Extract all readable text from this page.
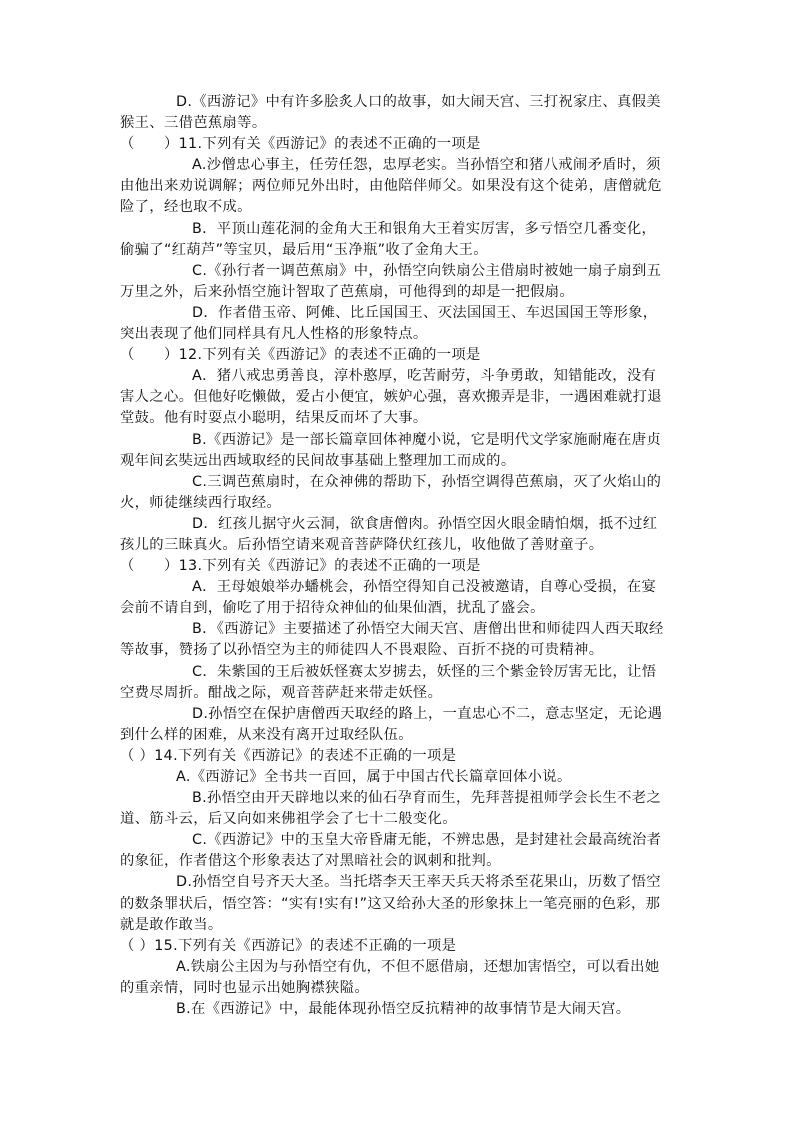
D.《西游记》中有许多脍炙人口的故事，如大闹天宫、三打祝家庄、真假美猴王、三借芭蕉扇等。

（　　）11.下列有关《西游记》的表述不正确的一项是

A.沙僧忠心事主，任劳任怨，忠厚老实。当孙悟空和猪八戒闹矛盾时，须由他出来劝说调解；两位师兄外出时，由他陪伴师父。如果没有这个徒弟，唐僧就危险了，经也取不成。

B．平顶山莲花洞的金角大王和银角大王着实厉害，多亏悟空几番变化，偷骗了“红葫芦”等宝贝，最后用“玉净瓶”收了金角大王。

C.《孙行者一调芭蕉扇》中，孙悟空向铁扇公主借扇时被她一扇子扇到五万里之外，后来孙悟空施计智取了芭蕉扇，可他得到的却是一把假扇。

D．作者借玉帝、阿傩、比丘国国王、灭法国国王、车迟国国王等形象，突出表现了他们同样具有凡人性格的形象特点。

（　　）12.下列有关《西游记》的表述不正确的一项是

A．猪八戒忠勇善良，淳朴憨厚，吃苦耐劳，斗争勇敢，知错能改，没有害人之心。但他好吃懒做，爱占小便宜，嫉妒心强，喜欢搬弄是非，一遇困难就打退堂鼓。他有时耍点小聪明，结果反而坏了大事。

B.《西游记》是一部长篇章回体神魔小说，它是明代文学家施耐庵在唐贞观年间玄奘远出西域取经的民间故事基础上整理加工而成的。

C.三调芭蕉扇时，在众神佛的帮助下，孙悟空调得芭蕉扇，灭了火焰山的火，师徒继续西行取经。

D．红孩儿据守火云洞，欲食唐僧肉。孙悟空因火眼金睛怕烟，抵不过红孩儿的三昧真火。后孙悟空请来观音菩萨降伏红孩儿，收他做了善财童子。

（　　）13.下列有关《西游记》的表述不正确的一项是

A．王母娘娘举办蟠桃会，孙悟空得知自己没被邀请，自尊心受损，在宴会前不请自到，偷吃了用于招待众神仙的仙果仙酒，扰乱了盛会。

B．《西游记》主要描述了孙悟空大闹天宫、唐僧出世和师徒四人西天取经等故事，赞扬了以孙悟空为主的师徒四人不畏艰险、百折不挠的可贵精神。

C．朱紫国的王后被妖怪赛太岁掳去，妖怪的三个紫金铃厉害无比，让悟空费尽周折。酣战之际，观音菩萨赶来带走妖怪。

D.孙悟空在保护唐僧西天取经的路上，一直忠心不二，意志坚定，无论遇到什么样的困难，从来没有离开过取经队伍。

（ ）14.下列有关《西游记》的表述不正确的一项是

A.《西游记》全书共一百回，属于中国古代长篇章回体小说。

B.孙悟空由开天辟地以来的仙石孕育而生，先拜菩提祖师学会长生不老之道、筋斗云，后又向如来佛祖学会了七十二般变化。

C.《西游记》中的玉皇大帝昏庸无能，不辨忠愚，是封建社会最高统治者的象征，作者借这个形象表达了对黑暗社会的讽刺和批判。

D.孙悟空自号齐天大圣。当托塔李天王率天兵天将杀至花果山，历数了悟空的数条罪状后，悟空答：“实有!实有!”这又给孙大圣的形象抹上一笔亮丽的色彩，那就是敢作敢当。

（ ）15.下列有关《西游记》的表述不正确的一项是

A.铁扇公主因为与孙悟空有仇，不但不愿借扇，还想加害悟空，可以看出她的重亲情，同时也显示出她胸襟狭隘。

B.在《西游记》中，最能体现孙悟空反抗精神的故事情节是大闹天宫。
